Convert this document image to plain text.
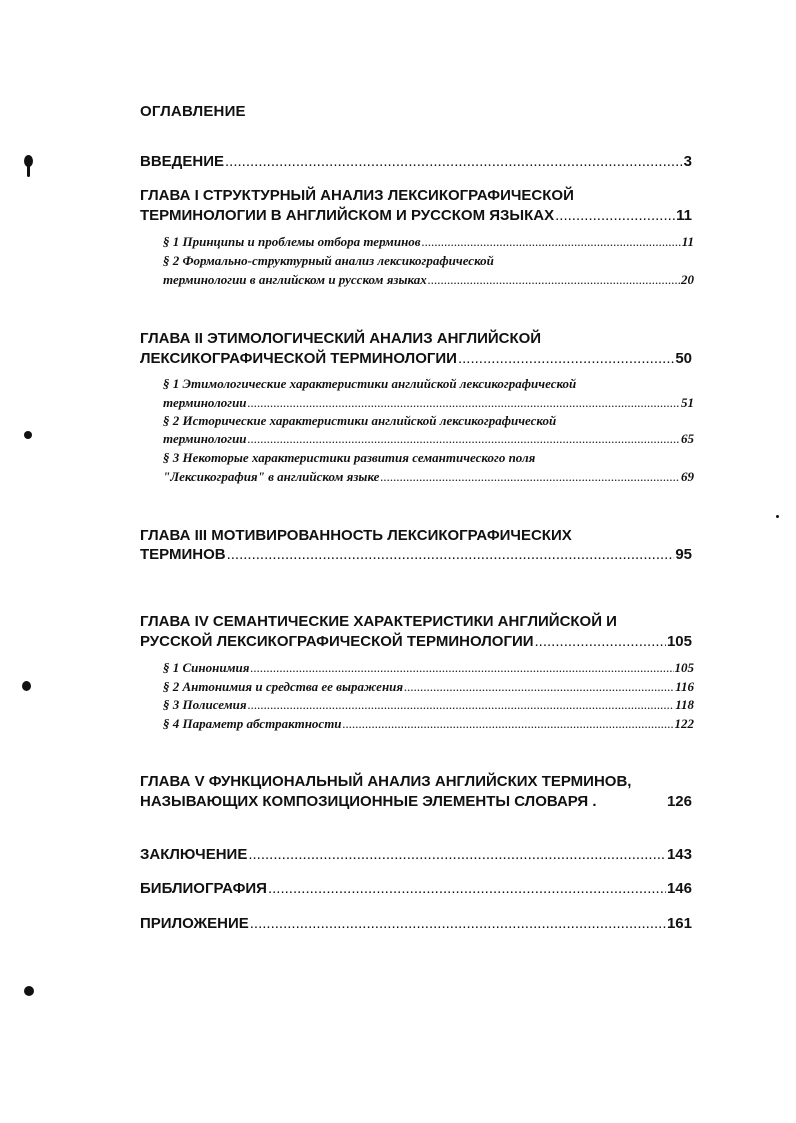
ОГЛАВЛЕНИЕ
ВВЕДЕНИЕ .....	3
ГЛАВА I СТРУКТУРНЫЙ АНАЛИЗ ЛЕКСИКОГРАФИЧЕСКОЙ
ТЕРМИНОЛОГИИ В АНГЛИЙСКОМ И РУССКОМ ЯЗЫКАХ .....	11
§ 1 Принципы и проблемы отбора терминов .....	11
§ 2 Формально-структурный анализ лексикографической
терминологии в английском и русском языках .....	20
ГЛАВА II ЭТИМОЛОГИЧЕСКИЙ АНАЛИЗ АНГЛИЙСКОЙ
ЛЕКСИКОГРАФИЧЕСКОЙ ТЕРМИНОЛОГИИ .....	50
§ 1 Этимологические характеристики английской лексикографической
терминологии .....	51
§ 2 Исторические характеристики английской лексикографической
терминологии .....	65
§ 3 Некоторые характеристики развития семантического поля
"Лексикография" в английском языке .....	69
ГЛАВА III МОТИВИРОВАННОСТЬ ЛЕКСИКОГРАФИЧЕСКИХ
ТЕРМИНОВ .....	95
ГЛАВА IV СЕМАНТИЧЕСКИЕ ХАРАКТЕРИСТИКИ АНГЛИЙСКОЙ И
РУССКОЙ ЛЕКСИКОГРАФИЧЕСКОЙ ТЕРМИНОЛОГИИ .....	105
§ 1 Синонимия .....	105
§ 2 Антонимия и средства ее выражения .....	116
§ 3 Полисемия .....	118
§ 4 Параметр абстрактности .....	122
ГЛАВА V ФУНКЦИОНАЛЬНЫЙ АНАЛИЗ АНГЛИЙСКИХ ТЕРМИНОВ,
НАЗЫВАЮЩИХ КОМПОЗИЦИОННЫЕ ЭЛЕМЕНТЫ СЛОВАРЯ .	126
ЗАКЛЮЧЕНИЕ .....	143
БИБЛИОГРАФИЯ .....	146
ПРИЛОЖЕНИЕ .....	161
